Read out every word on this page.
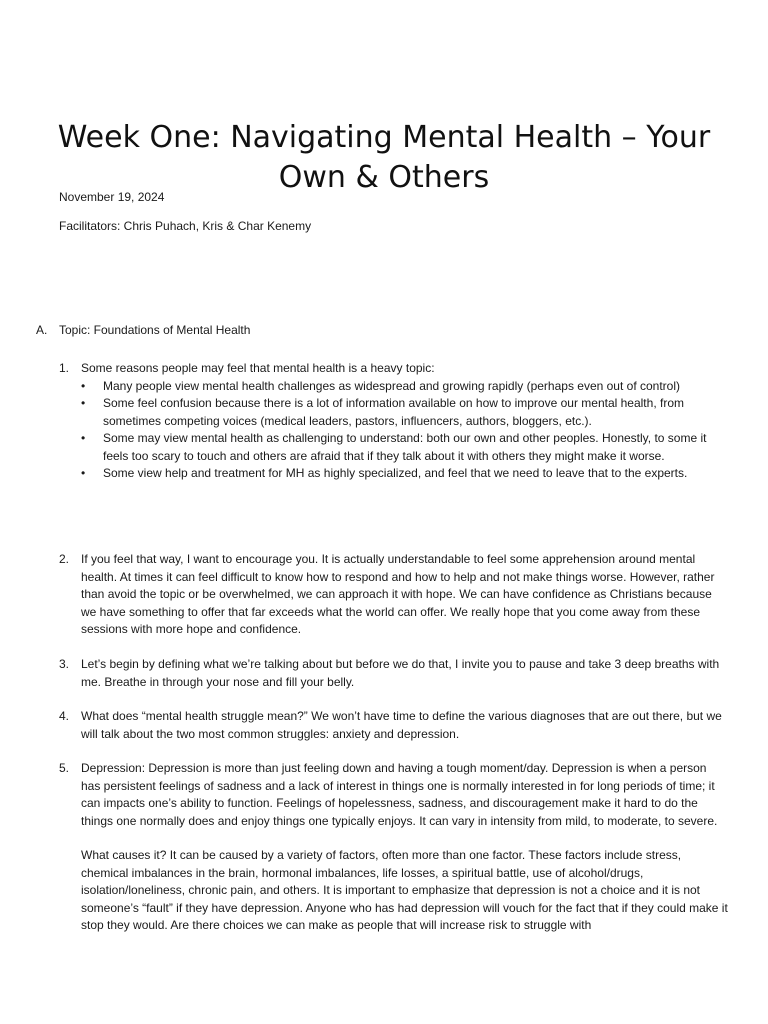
Week One: Navigating Mental Health – Your Own & Others
November 19, 2024
Facilitators: Chris Puhach, Kris & Char Kenemy
A. Topic: Foundations of Mental Health
1. Some reasons people may feel that mental health is a heavy topic:
• Many people view mental health challenges as widespread and growing rapidly (perhaps even out of control)
• Some feel confusion because there is a lot of information available on how to improve our mental health, from sometimes competing voices (medical leaders, pastors, influencers, authors, bloggers, etc.).
• Some may view mental health as challenging to understand: both our own and other peoples. Honestly, to some it feels too scary to touch and others are afraid that if they talk about it with others they might make it worse.
• Some view help and treatment for MH as highly specialized, and feel that we need to leave that to the experts.
2. If you feel that way, I want to encourage you. It is actually understandable to feel some apprehension around mental health. At times it can feel difficult to know how to respond and how to help and not make things worse. However, rather than avoid the topic or be overwhelmed, we can approach it with hope. We can have confidence as Christians because we have something to offer that far exceeds what the world can offer. We really hope that you come away from these sessions with more hope and confidence.
3. Let’s begin by defining what we’re talking about but before we do that, I invite you to pause and take 3 deep breaths with me. Breathe in through your nose and fill your belly.
4. What does “mental health struggle mean?” We won’t have time to define the various diagnoses that are out there, but we will talk about the two most common struggles: anxiety and depression.
5. Depression: Depression is more than just feeling down and having a tough moment/day. Depression is when a person has persistent feelings of sadness and a lack of interest in things one is normally interested in for long periods of time; it can impacts one’s ability to function. Feelings of hopelessness, sadness, and discouragement make it hard to do the things one normally does and enjoy things one typically enjoys. It can vary in intensity from mild, to moderate, to severe.
What causes it? It can be caused by a variety of factors, often more than one factor. These factors include stress, chemical imbalances in the brain, hormonal imbalances, life losses, a spiritual battle, use of alcohol/drugs, isolation/loneliness, chronic pain, and others. It is important to emphasize that depression is not a choice and it is not someone’s “fault” if they have depression. Anyone who has had depression will vouch for the fact that if they could make it stop they would. Are there choices we can make as people that will increase risk to struggle with
